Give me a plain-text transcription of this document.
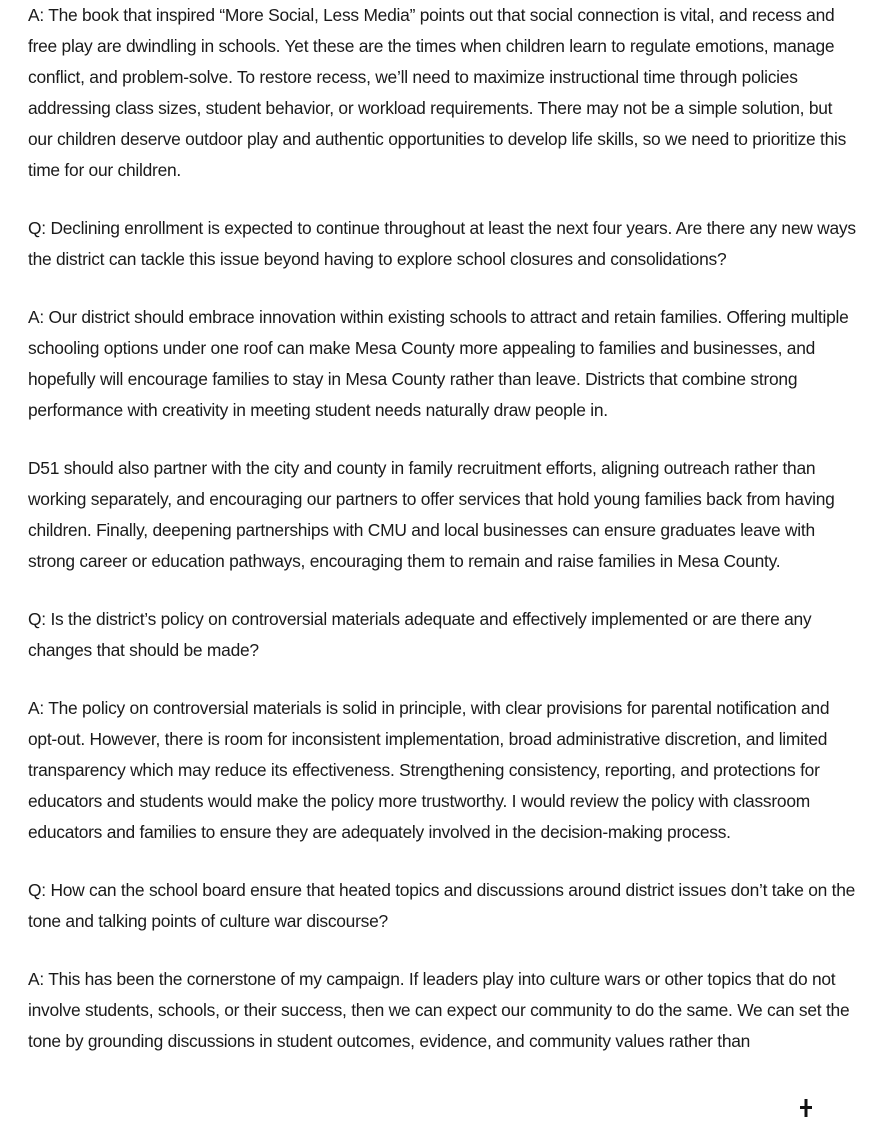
A: The book that inspired “More Social, Less Media” points out that social connection is vital, and recess and free play are dwindling in schools. Yet these are the times when children learn to regulate emotions, manage conflict, and problem-solve. To restore recess, we’ll need to maximize instructional time through policies addressing class sizes, student behavior, or workload requirements. There may not be a simple solution, but our children deserve outdoor play and authentic opportunities to develop life skills, so we need to prioritize this time for our children.

Q: Declining enrollment is expected to continue throughout at least the next four years. Are there any new ways the district can tackle this issue beyond having to explore school closures and consolidations?

A: Our district should embrace innovation within existing schools to attract and retain families. Offering multiple schooling options under one roof can make Mesa County more appealing to families and businesses, and hopefully will encourage families to stay in Mesa County rather than leave. Districts that combine strong performance with creativity in meeting student needs naturally draw people in.

D51 should also partner with the city and county in family recruitment efforts, aligning outreach rather than working separately, and encouraging our partners to offer services that hold young families back from having children. Finally, deepening partnerships with CMU and local businesses can ensure graduates leave with strong career or education pathways, encouraging them to remain and raise families in Mesa County.

Q: Is the district’s policy on controversial materials adequate and effectively implemented or are there any changes that should be made?

A: The policy on controversial materials is solid in principle, with clear provisions for parental notification and opt-out. However, there is room for inconsistent implementation, broad administrative discretion, and limited transparency which may reduce its effectiveness. Strengthening consistency, reporting, and protections for educators and students would make the policy more trustworthy. I would review the policy with classroom educators and families to ensure they are adequately involved in the decision-making process.

Q: How can the school board ensure that heated topics and discussions around district issues don’t take on the tone and talking points of culture war discourse?

A: This has been the cornerstone of my campaign. If leaders play into culture wars or other topics that do not involve students, schools, or their success, then we can expect our community to do the same. We can set the tone by grounding discussions in student outcomes, evidence, and community values rather than
